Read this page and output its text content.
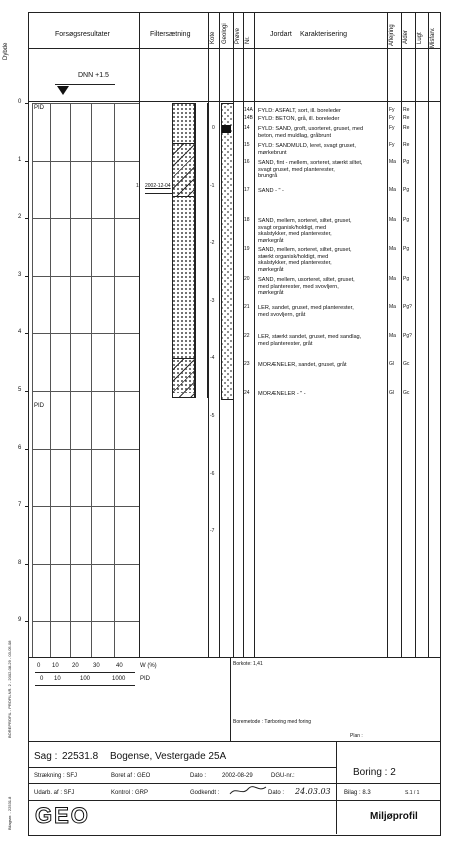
Dybde
Forsøgsresultater	Filtersætning	Kote Geologi Prøve Nr.
Jordart Karakterisering	Aflejring Alder Lugt Misfarv.
DNN +1.5
0
1
2
3
4
5
6
7
8
9
PID
PID
1: 2002-12-04
0
-1
-2
-3
-4
-5
-6
-7
14A FYLD: ASFALT, sort, ill. boreleder	Fy Re
14B FYLD: BETON, grå, ill. boreleder	Fy Re
14 FYLD: SAND, groft, usorteret, gruset, med
beton, med muldlag, gråbrunt
Fy Re
15 FYLD: SANDMULD, leret, svagt gruset,
mørkebrunt
Fy Re
16 SAND, fint - mellem, sorteret, stærkt siltet,
svagt gruset, med planterester,
brungrå
Ma Pg
17 SAND - " -	Ma Pg
18 SAND, mellem, sorteret, siltet, gruset,
svagt organisk/holdigt, med
skalstykker, med planterester,
mørkegråt
Ma Pg
19 SAND, mellem, sorteret, siltet, gruset,
stærkt organisk/holdigt, med
skalstykker, med planterester,
mørkegråt
Ma Pg
20 SAND, mellem, usorteret, siltet, gruset,
med planterester, med svovljern,
mørkegråt
Ma Pg
21 LER, sandet, gruset, med planterester,
med svovljern, gråt
Ma Pg?
22 LER, stærkt sandet, gruset, med sandlag,
med planterester, gråt
Ma Pg?
23 MORÆNELER, sandet, gruset, gråt	Gl Gc
24 MORÆNELER - " -	Gl Gc
0 10 20 30	40	W (%)
0 10	100	1000 PID
Borkote: 1,41
Boremetode : Tørboring med foring
Plan :
Sag : 22531.8 Bogense, Vestergade 25A
Boring : 2
Strækning : SFJ	Boret af : GEO	Dato :	2002-08-29	DGU-nr.:
Udarb. af : SFJ	Kontrol : GRP	Godkendt :	Dato : 24.03.03 Bilag : 8.3	S.1 / 1
GEO	Miljøprofil
BOREPROFIL - PROFILNR. 2 - 2002-08-29 - 03-05-08
Bilagsnr. - 22531.8
